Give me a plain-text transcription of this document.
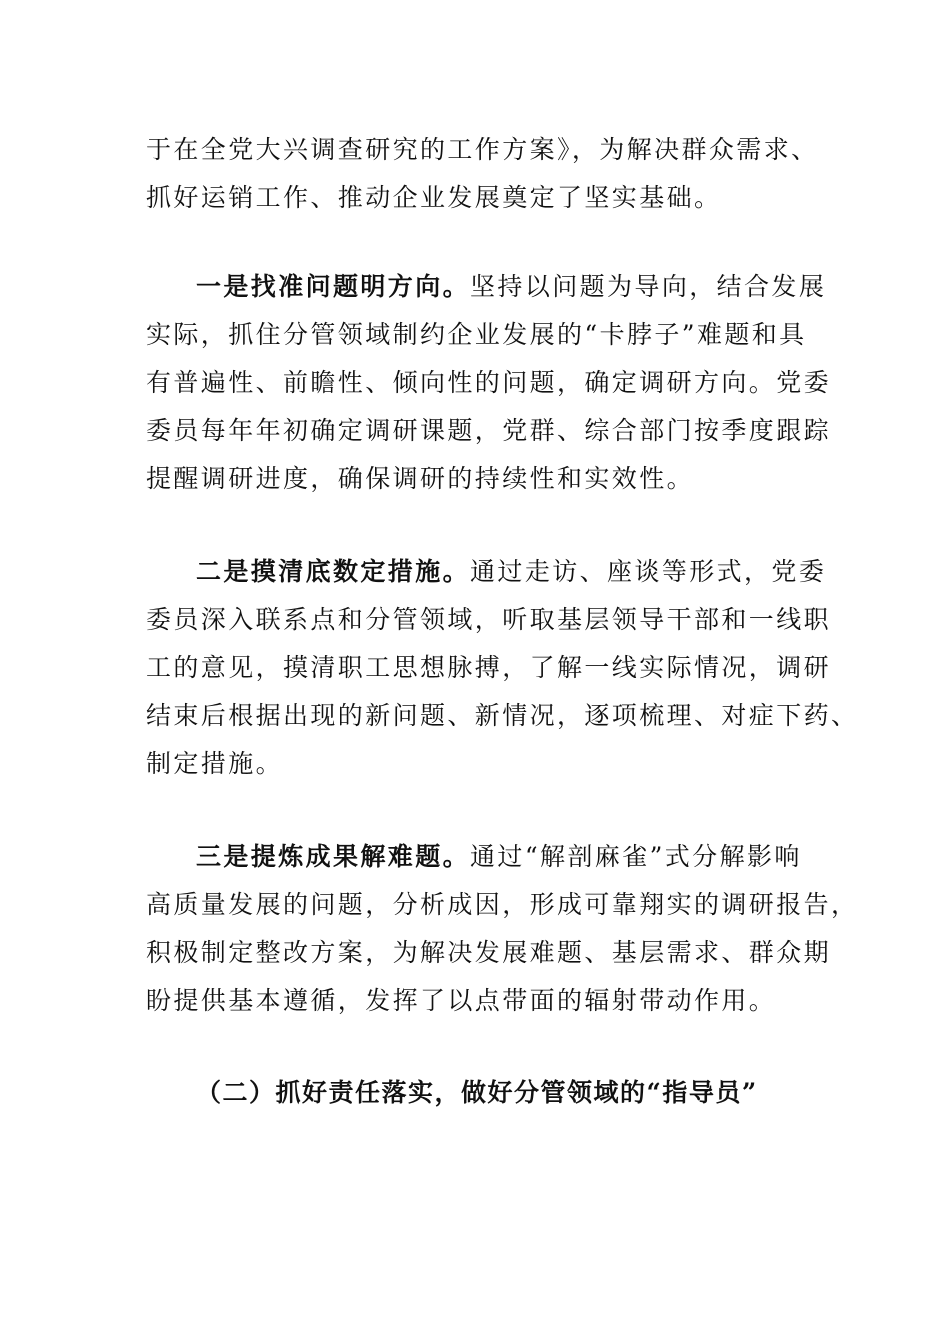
于在全党大兴调查研究的工作方案》，为解决群众需求、
抓好运销工作、推动企业发展奠定了坚实基础。
一是找准问题明方向。坚持以问题为导向，结合发展
实际，抓住分管领域制约企业发展的“卡脖子”难题和具
有普遍性、前瞻性、倾向性的问题，确定调研方向。党委
委员每年年初确定调研课题，党群、综合部门按季度跟踪
提醒调研进度，确保调研的持续性和实效性。
二是摸清底数定措施。通过走访、座谈等形式，党委
委员深入联系点和分管领域，听取基层领导干部和一线职
工的意见，摸清职工思想脉搏，了解一线实际情况，调研
结束后根据出现的新问题、新情况，逐项梳理、对症下药、
制定措施。
三是提炼成果解难题。通过“解剖麻雀”式分解影响
高质量发展的问题，分析成因，形成可靠翔实的调研报告，
积极制定整改方案，为解决发展难题、基层需求、群众期
盼提供基本遵循，发挥了以点带面的辐射带动作用。
（二）抓好责任落实，做好分管领域的“指导员”
